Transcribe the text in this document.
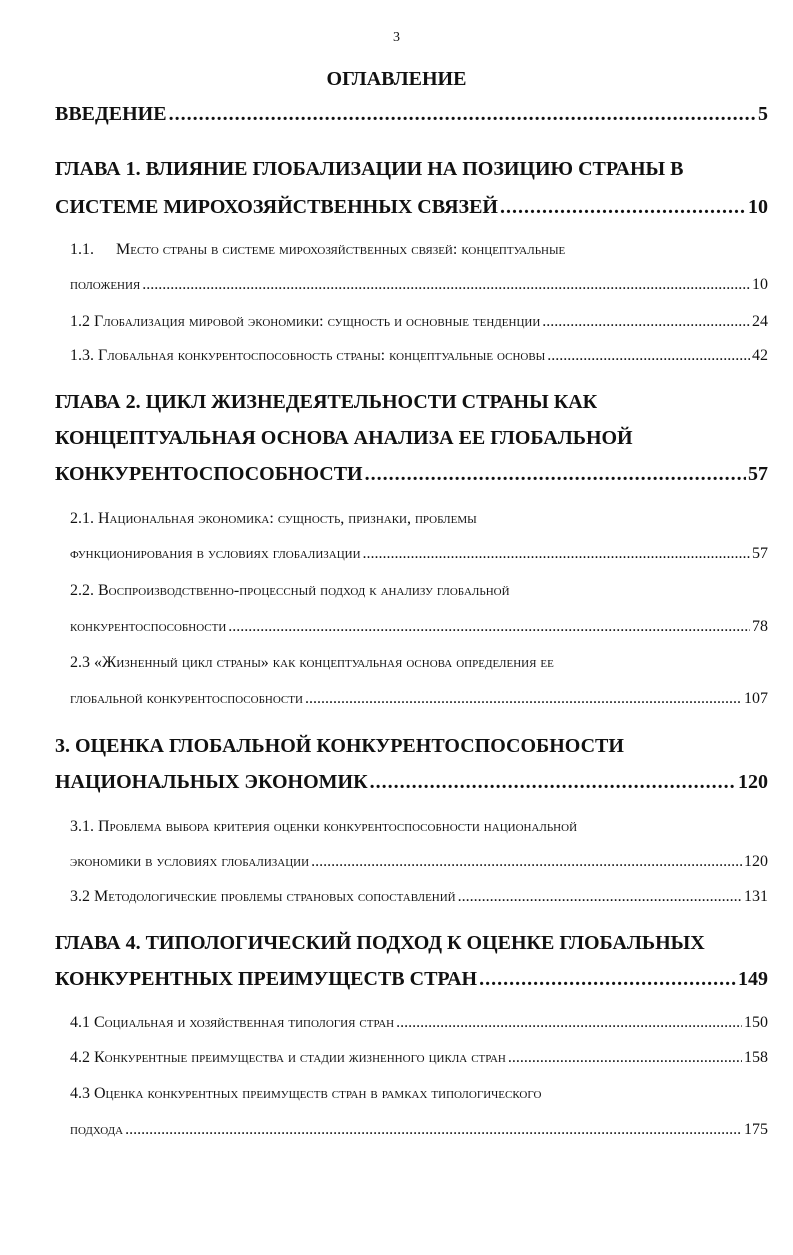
3
ОГЛАВЛЕНИЕ
ВВЕДЕНИЕ . . .	5
ГЛАВА 1. ВЛИЯНИЕ ГЛОБАЛИЗАЦИИ НА ПОЗИЦИЮ СТРАНЫ В
СИСТЕМЕ МИРОХОЗЯЙСТВЕННЫХ СВЯЗЕЙ . . .	10
1.1. Место страны в системе мирохозяйственных связей: концептуальные
положения . . .	10
1.2 Глобализация мировой экономики: сущность и основные тенденции . . .	24
1.3. Глобальная конкурентоспособность страны: концептуальные основы . . .	42
ГЛАВА 2. ЦИКЛ ЖИЗНЕДЕЯТЕЛЬНОСТИ СТРАНЫ КАК
КОНЦЕПТУАЛЬНАЯ ОСНОВА АНАЛИЗА ЕЕ ГЛОБАЛЬНОЙ
КОНКУРЕНТОСПОСОБНОСТИ . . .	57
2.1. Национальная экономика: сущность, признаки, проблемы
функционирования в условиях глобализации . . .	57
2.2. Воспроизводственно-процессный подход к анализу глобальной
конкурентоспособности . . .	78
2.3 «Жизненный цикл страны» как концептуальная основа определения ее
глобальной конкурентоспособности . . .	107
3. ОЦЕНКА ГЛОБАЛЬНОЙ КОНКУРЕНТОСПОСОБНОСТИ
НАЦИОНАЛЬНЫХ ЭКОНОМИК . . .	120
3.1. Проблема выбора критерия оценки конкурентоспособности национальной
экономики в условиях глобализации . . .	120
3.2 Методологические проблемы страновых сопоставлений . . .	131
ГЛАВА 4. ТИПОЛОГИЧЕСКИЙ ПОДХОД К ОЦЕНКЕ ГЛОБАЛЬНЫХ
КОНКУРЕНТНЫХ ПРЕИМУЩЕСТВ СТРАН . . .	149
4.1 Социальная и хозяйственная типология стран . . .	150
4.2 Конкурентные преимущества и стадии жизненного цикла стран . . .	158
4.3 Оценка конкурентных преимуществ стран в рамках типологического
подхода . . .	175
